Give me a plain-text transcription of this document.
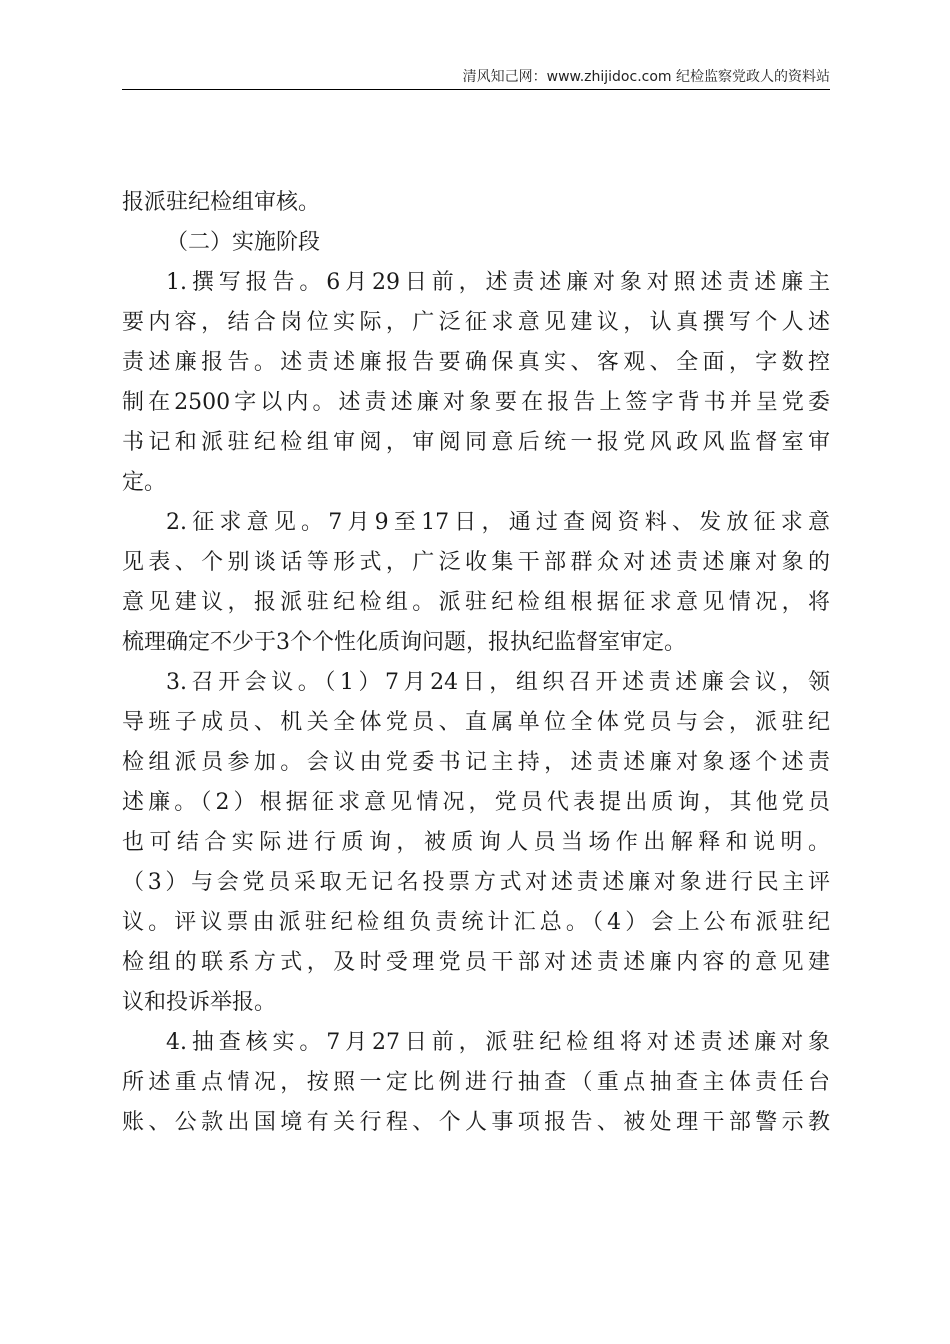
清风知己网：www.zhijidoc.com 纪检监察党政人的资料站
报派驻纪检组审核。
（二）实施阶段
1.撰写报告。6月29日前，述责述廉对象对照述责述廉主
要内容，结合岗位实际，广泛征求意见建议，认真撰写个人述
责述廉报告。述责述廉报告要确保真实、客观、全面，字数控
制在2500字以内。述责述廉对象要在报告上签字背书并呈党委
书记和派驻纪检组审阅，审阅同意后统一报党风政风监督室审
定。
2.征求意见。7月9至17日，通过查阅资料、发放征求意
见表、个别谈话等形式，广泛收集干部群众对述责述廉对象的
意见建议，报派驻纪检组。派驻纪检组根据征求意见情况，将
梳理确定不少于3个个性化质询问题，报执纪监督室审定。
3.召开会议。（1）7月24日，组织召开述责述廉会议，领
导班子成员、机关全体党员、直属单位全体党员与会，派驻纪
检组派员参加。会议由党委书记主持，述责述廉对象逐个述责
述廉。（2）根据征求意见情况，党员代表提出质询，其他党员
也可结合实际进行质询，被质询人员当场作出解释和说明。
（3）与会党员采取无记名投票方式对述责述廉对象进行民主评
议。评议票由派驻纪检组负责统计汇总。（4）会上公布派驻纪
检组的联系方式，及时受理党员干部对述责述廉内容的意见建
议和投诉举报。
4.抽查核实。7月27日前，派驻纪检组将对述责述廉对象
所述重点情况，按照一定比例进行抽查（重点抽查主体责任台
账、公款出国境有关行程、个人事项报告、被处理干部警示教
